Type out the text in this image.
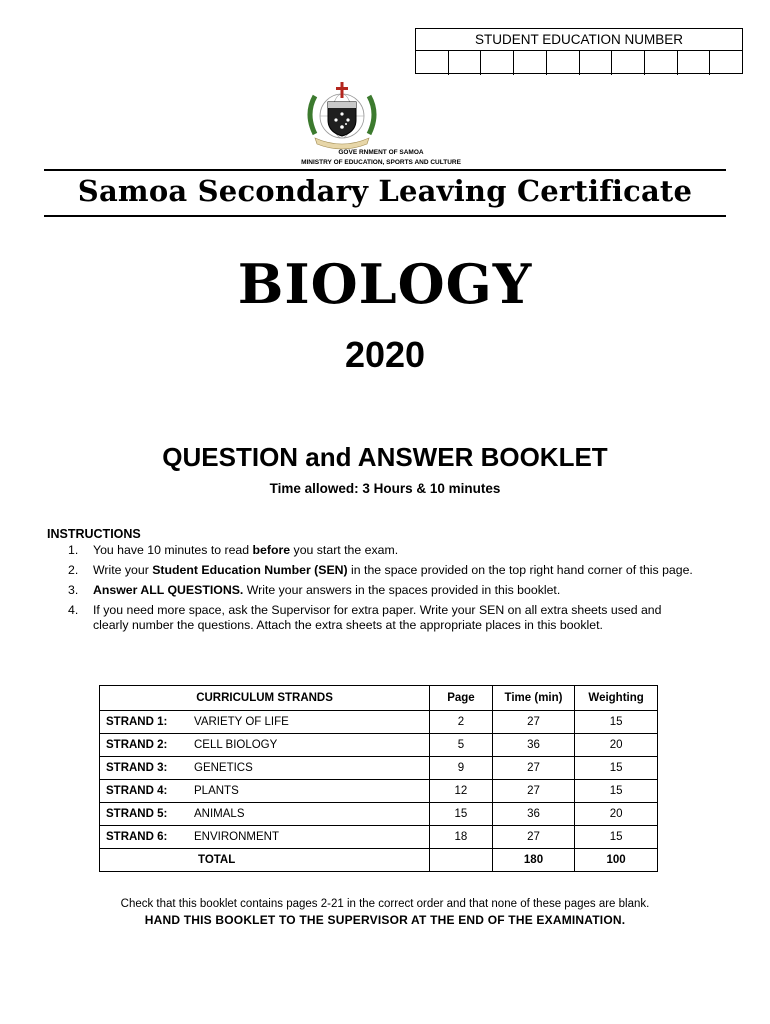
STUDENT EDUCATION NUMBER
GOVE RNMENT OF SAMOA
MINISTRY OF EDUCATION, SPORTS AND CULTURE
Samoa Secondary Leaving Certificate
BIOLOGY
2020
QUESTION and ANSWER BOOKLET
Time allowed: 3 Hours & 10 minutes
INSTRUCTIONS
1. You have 10 minutes to read before you start the exam.
2. Write your Student Education Number (SEN) in the space provided on the top right hand corner of this page.
3. Answer ALL QUESTIONS. Write your answers in the spaces provided in this booklet.
4. If you need more space, ask the Supervisor for extra paper. Write your SEN on all extra sheets used and clearly number the questions. Attach the extra sheets at the appropriate places in this booklet.
CURRICULUM STRANDS	Page	Time (min)	Weighting
STRAND 1: VARIETY OF LIFE	2	27	15
STRAND 2: CELL BIOLOGY	5	36	20
STRAND 3: GENETICS	9	27	15
STRAND 4: PLANTS	12	27	15
STRAND 5: ANIMALS	15	36	20
STRAND 6: ENVIRONMENT	18	27	15
TOTAL		180	100
Check that this booklet contains pages 2-21 in the correct order and that none of these pages are blank.
HAND THIS BOOKLET TO THE SUPERVISOR AT THE END OF THE EXAMINATION.
